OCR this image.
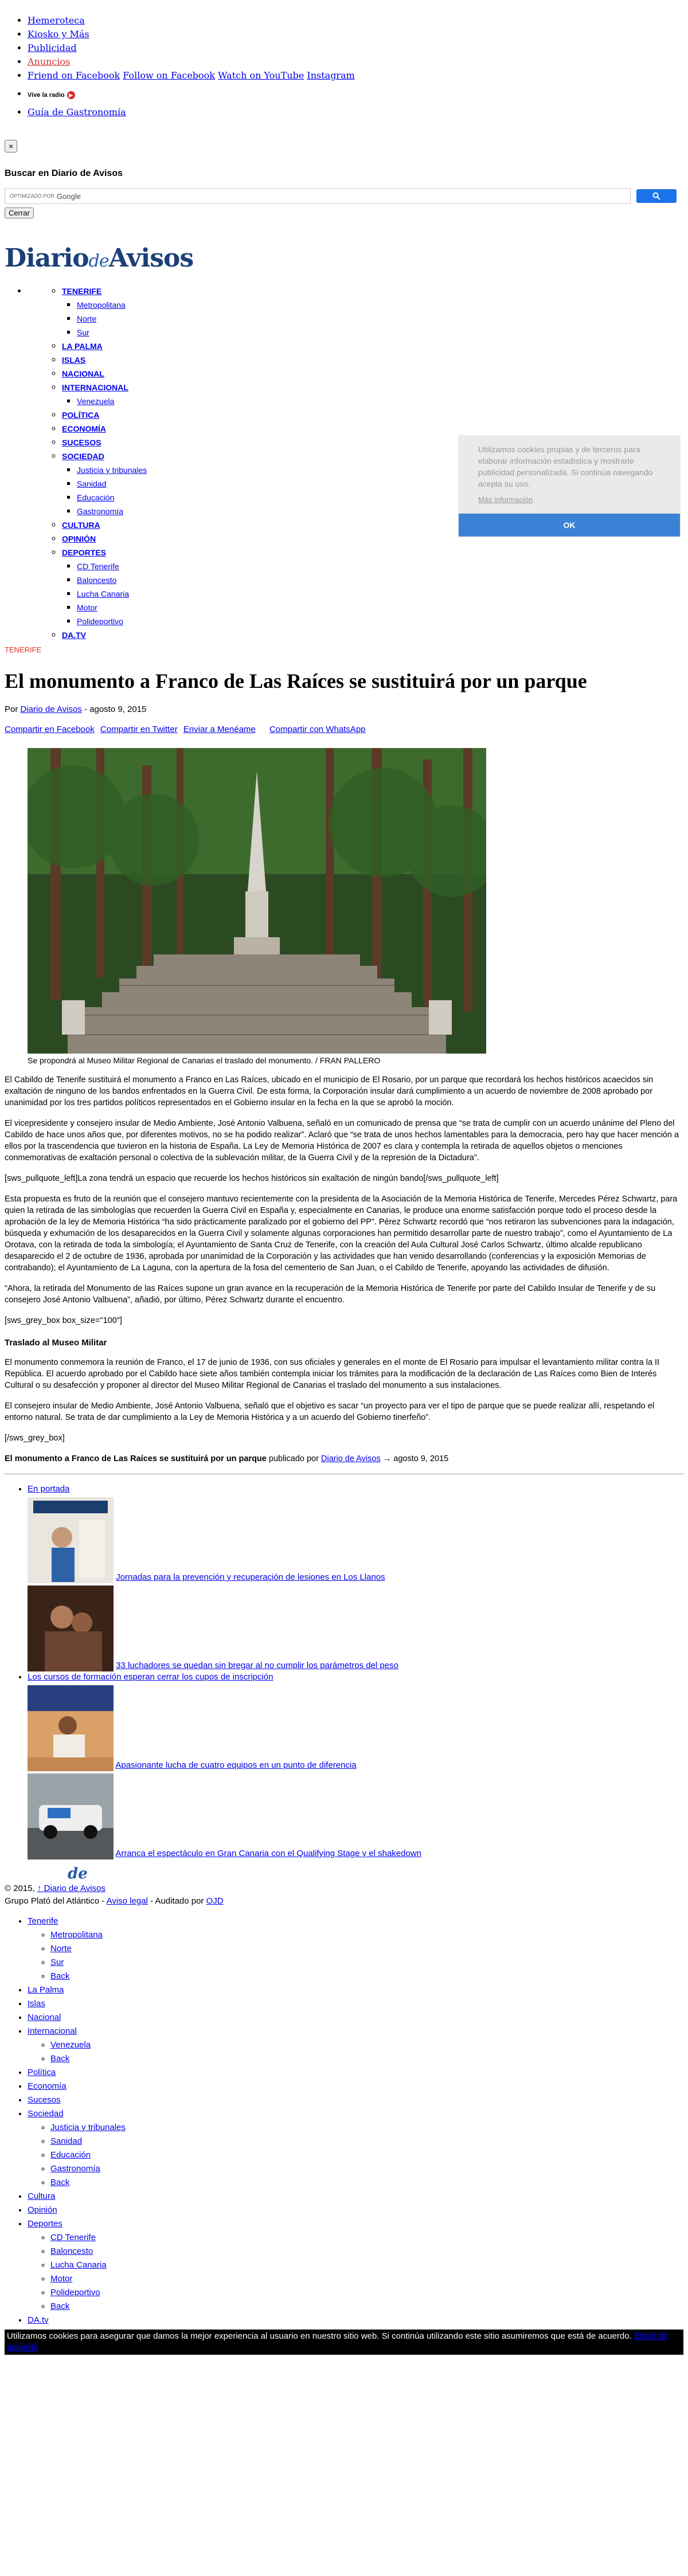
• Hemeroteca
• Kiosko y Más
• Publicidad
• Anuncios
• Friend on Facebook Follow on Facebook Watch on YouTube Instagram
• Vive la radio ▶
• Guía de Gastronomía
×
Buscar en Diario de Avisos
OPTIMIZADO POR Google
Cerrar
DiariodeAvisos
◦ • TENERIFE
▪ Metropolitana
▪ Norte
▪ Sur
◦ LA PALMA
◦ ISLAS
◦ NACIONAL
◦ INTERNACIONAL
▪ Venezuela
◦ POLÍTICA
◦ ECONOMÍA
◦ SUCESOS
◦ SOCIEDAD
▪ Justicia y tribunales
▪ Sanidad
▪ Educación
▪ Gastronomía
◦ CULTURA
◦ OPINIÓN
◦ DEPORTES
▪ CD Tenerife
▪ Baloncesto
▪ Lucha Canaria
▪ Motor
▪ Polideportivo
◦ DA.TV
TENERIFE
El monumento a Franco de Las Raíces se sustituirá por un parque
Por Diario de Avisos - agosto 9, 2015
Compartir en Facebook Compartir en Twitter Enviar a Menéame Compartir con WhatsApp
Se propondrá al Museo Militar Regional de Canarias el traslado del monumento. / FRAN PALLERO

El Cabildo de Tenerife sustituirá el monumento a Franco en Las Raíces, ubicado en el municipio de El Rosario, por un parque que recordará los hechos históricos acaecidos sin exaltación de ninguno de los bandos enfrentados en la Guerra Civil. De esta forma, la Corporación insular dará cumplimiento a un acuerdo de noviembre de 2008 aprobado por unanimidad por los tres partidos políticos representados en el Gobierno insular en la fecha en la que se aprobó la moción.

El vicepresidente y consejero insular de Medio Ambiente, José Antonio Valbuena, señaló en un comunicado de prensa que “se trata de cumplir con un acuerdo unánime del Pleno del Cabildo de hace unos años que, por diferentes motivos, no se ha podido realizar”. Aclaró que “se trata de unos hechos lamentables para la democracia, pero hay que hacer mención a ellos por la trascendencia que tuvieron en la historia de España. La Ley de Memoria Histórica de 2007 es clara y contempla la retirada de aquellos objetos o menciones conmemorativas de exaltación personal o colectiva de la sublevación militar, de la Guerra Civil y de la represión de la Dictadura”.

[sws_pullquote_left]La zona tendrá un espacio que recuerde los hechos históricos sin exaltación de ningún bando[/sws_pullquote_left]

Esta propuesta es fruto de la reunión que el consejero mantuvo recientemente con la presidenta de la Asociación de la Memoria Histórica de Tenerife, Mercedes Pérez Schwartz, para quien la retirada de las simbologías que recuerden la Guerra Civil en España y, especialmente en Canarias, le produce una enorme satisfacción porque todo el proceso desde la aprobación de la ley de Memoria Histórica “ha sido prácticamente paralizado por el gobierno del PP”. Pérez Schwartz recordó que “nos retiraron las subvenciones para la indagación, búsqueda y exhumación de los desaparecidos en la Guerra Civil y solamente algunas corporaciones han permitido desarrollar parte de nuestro trabajo”, como el Ayuntamiento de La Orotava, con la retirada de toda la simbología; el Ayuntamiento de Santa Cruz de Tenerife, con la creación del Aula Cultural José Carlos Schwartz, último alcalde republicano desaparecido el 2 de octubre de 1936, aprobada por unanimidad de la Corporación y las actividades que han venido desarrollando (conferencias y la exposición Memorias de contrabando); el Ayuntamiento de La Laguna, con la apertura de la fosa del cementerio de San Juan, o el Cabildo de Tenerife, apoyando las actividades de difusión.

“Ahora, la retirada del Monumento de las Raíces supone un gran avance en la recuperación de la Memoria Histórica de Tenerife por parte del Cabildo Insular de Tenerife y de su consejero José Antonio Valbuena”, añadió, por último, Pérez Schwartz durante el encuentro.

[sws_grey_box box_size="100"]

Traslado al Museo Militar

El monumento conmemora la reunión de Franco, el 17 de junio de 1936, con sus oficiales y generales en el monte de El Rosario para impulsar el levantamiento militar contra la II República. El acuerdo aprobado por el Cabildo hace siete años también contempla iniciar los trámites para la modificación de la declaración de Las Raíces como Bien de Interés Cultural o su desafección y proponer al director del Museo Militar Regional de Canarias el traslado del monumento a sus instalaciones.

El consejero insular de Medio Ambiente, José Antonio Valbuena, señaló que el objetivo es sacar “un proyecto para ver el tipo de parque que se puede realizar allí, respetando el entorno natural. Se trata de dar cumplimiento a la Ley de Memoria Histórica y a un acuerdo del Gobierno tinerfeño”.

[/sws_grey_box]

El monumento a Franco de Las Raíces se sustituirá por un parque publicado por Diario de Avisos → agosto 9, 2015

• En portada
Jornadas para la prevención y recuperación de lesiones en Los Llanos
33 luchadores se quedan sin bregar al no cumplir los parámetros del peso
• Los cursos de formación esperan cerrar los cupos de inscripción
Apasionante lucha de cuatro equipos en un punto de diferencia
Arranca el espectáculo en Gran Canaria con el Qualifying Stage y el shakedown
de
© 2015, ↑ Diario de Avisos
Grupo Plató del Atlántico - Aviso legal - Auditado por OJD
• Tenerife
◦ Metropolitana
◦ Norte
◦ Sur
◦ Back
• La Palma
• Islas
• Nacional
• Internacional
◦ Venezuela
◦ Back
• Política
• Economía
• Sucesos
• Sociedad
◦ Justicia y tribunales
◦ Sanidad
◦ Educación
◦ Gastronomía
◦ Back
• Cultura
• Opinión
• Deportes
◦ CD Tenerife
◦ Baloncesto
◦ Lucha Canaria
◦ Motor
◦ Polideportivo
◦ Back
• DA.tv
Utilizamos cookies para asegurar que damos la mejor experiencia al usuario en nuestro sitio web. Si continúa utilizando este sitio asumiremos que está de acuerdo. Estoy de acuerdo
Utilizamos cookies propias y de terceros para elaborar información estadística y mostrarle publicidad personalizada. Si continúa navegando acepta su uso.
Más información
OK
